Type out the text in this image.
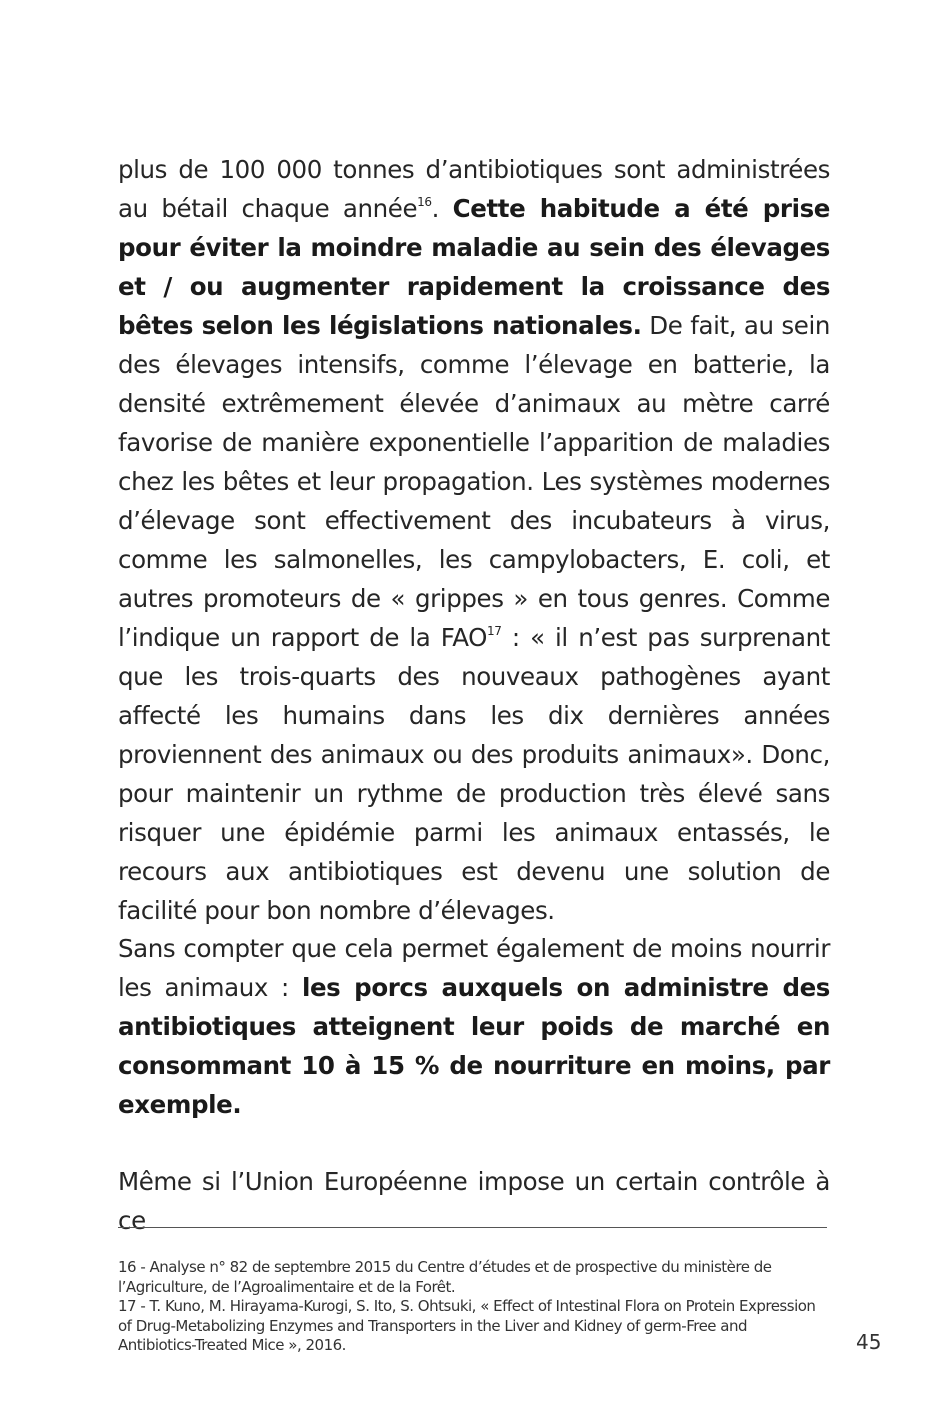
plus de 100 000 tonnes d’antibiotiques sont administrées au bétail chaque année$^{16}$. Cette habitude a été prise pour éviter la moindre maladie au sein des élevages et / ou augmenter rapidement la croissance des bêtes selon les législations nationales. De fait, au sein des élevages intensifs, comme l’élevage en batterie, la densité extrêmement élevée d’animaux au mètre carré favorise de manière exponentielle l’apparition de maladies chez les bêtes et leur propagation. Les systèmes modernes d’élevage sont effectivement des incubateurs à virus, comme les salmonelles, les campylobacters, E. coli, et autres promoteurs de « grippes » en tous genres. Comme l’indique un rapport de la FAO$^{17}$ : « il n’est pas surprenant que les trois-quarts des nouveaux pathogènes ayant affecté les humains dans les dix dernières années proviennent des animaux ou des produits animaux». Donc, pour maintenir un rythme de production très élevé sans risquer une épidémie parmi les animaux entassés, le recours aux antibiotiques est devenu une solution de facilité pour bon nombre d’élevages.

Sans compter que cela permet également de moins nourrir les animaux : les porcs auxquels on administre des antibiotiques atteignent leur poids de marché en consommant 10 à 15 % de nourriture en moins, par exemple.

Même si l’Union Européenne impose un certain contrôle à ce

16 - Analyse n° 82 de septembre 2015 du Centre d’études et de prospective du ministère de l’Agriculture, de l’Agroalimentaire et de la Forêt.

17 - T. Kuno, M. Hirayama-Kurogi, S. Ito, S. Ohtsuki, « Effect of Intestinal Flora on Protein Expression of Drug-Metabolizing Enzymes and Transporters in the Liver and Kidney of germ-Free and Antibiotics-Treated Mice », 2016.	45
